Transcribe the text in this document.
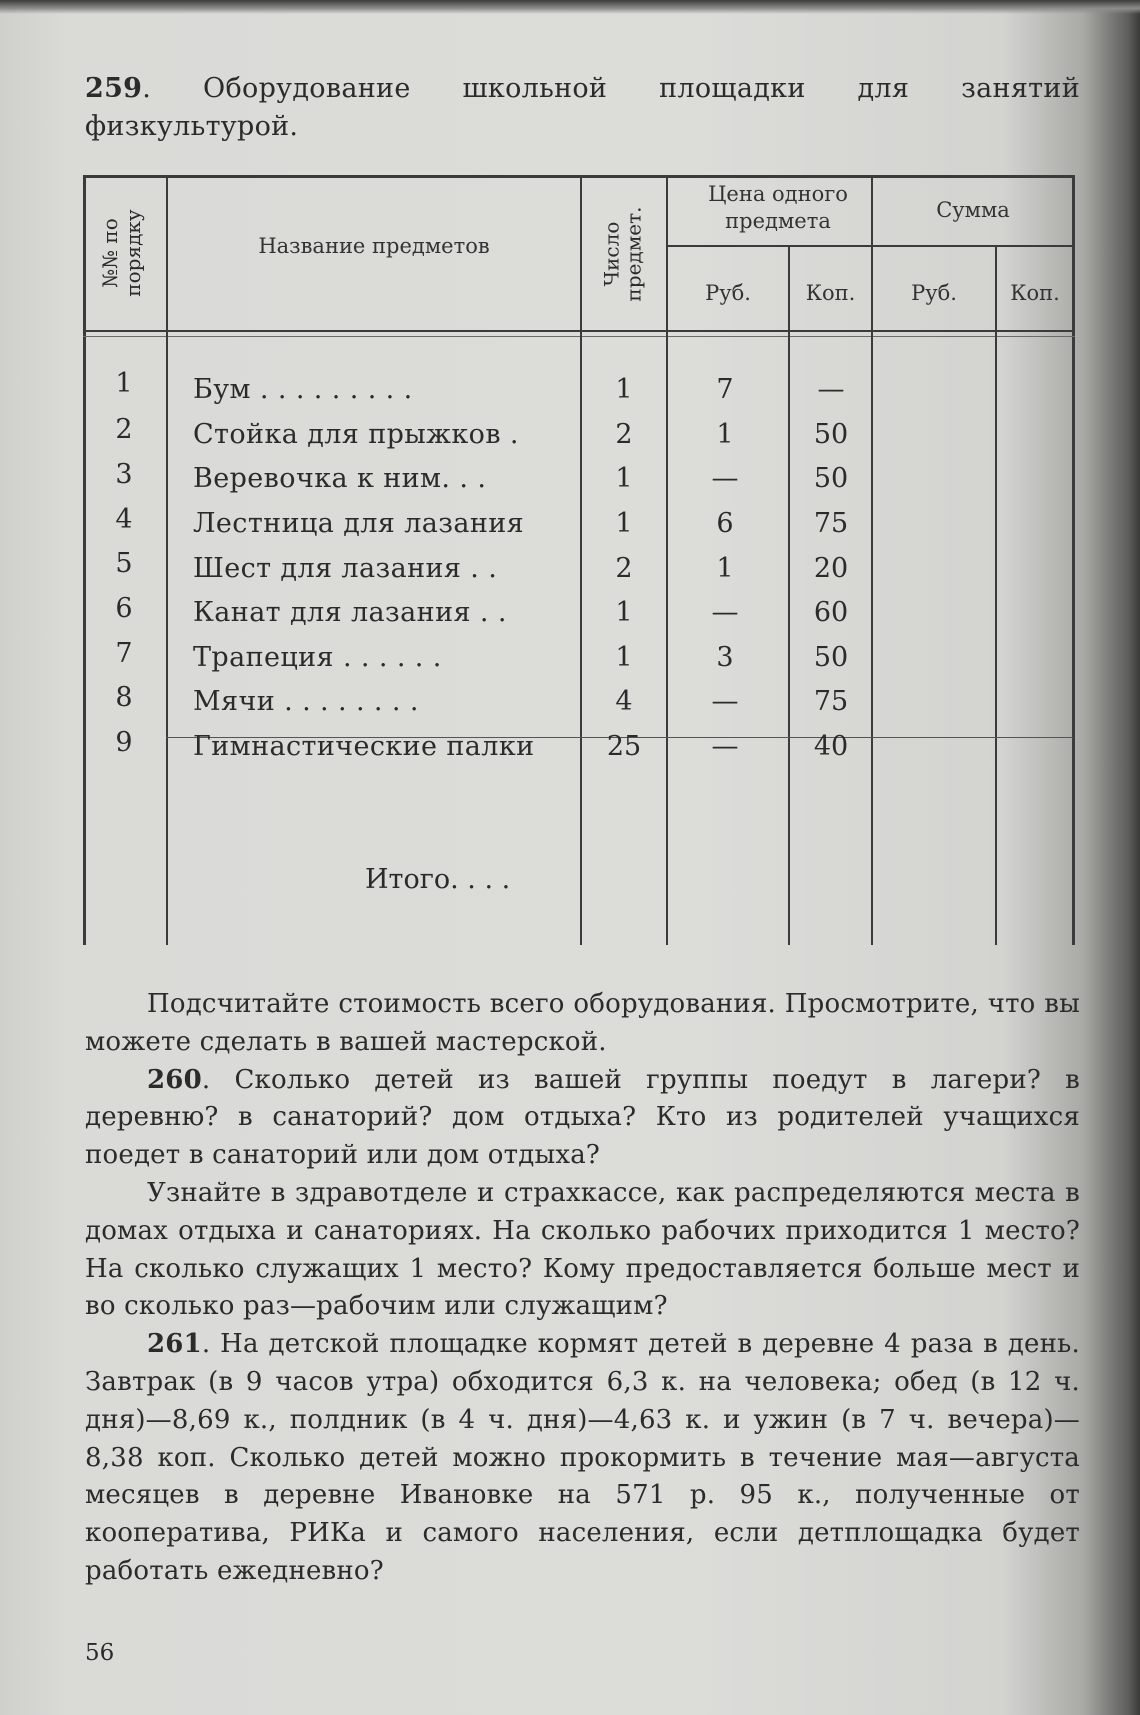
259. Оборудование школьной площадки для занятий физкультурой.
№№ по порядку	Название предметов	Число предмет.
Цена одного предмета	Сумма
Руб.	Коп.	Руб.	Коп.
1	Бум . . . . . . . . .	1	7	—
2	Стойка для прыжков .	2	1	50
3	Веревочка к ним. . .	1	—	50
4	Лестница для лазания	1	6	75
5	Шест для лазания . .	2	1	20
6	Канат для лазания . .	1	—	60
7	Трапеция . . . . . .	1	3	50
8	Мячи . . . . . . . .	4	—	75
9	Гимнастические палки	25	—	40
Итого. . . .

Подсчитайте стоимость всего оборудования. Просмотрите, что вы можете сделать в вашей мастерской.

260. Сколько детей из вашей группы поедут в лагери? в деревню? в санаторий? дом отдыха? Кто из родителей учащихся поедет в санаторий или дом отдыха?

Узнайте в здравотделе и страхкассе, как распределяются места в домах отдыха и санаториях. На сколько рабочих приходится 1 место? На сколько служащих 1 место? Кому предоставляется больше мест и во сколько раз—рабочим или служащим?

261. На детской площадке кормят детей в деревне 4 раза в день. Завтрак (в 9 часов утра) обходится 6,3 к. на человека; обед (в 12 ч. дня)—8,69 к., полдник (в 4 ч. дня)—4,63 к. и ужин (в 7 ч. вечера)—8,38 коп. Сколько детей можно прокормить в течение мая—августа месяцев в деревне Ивановке на 571 р. 95 к., полученные от кооператива, РИКа и самого населения, если детплощадка будет работать ежедневно?

56
